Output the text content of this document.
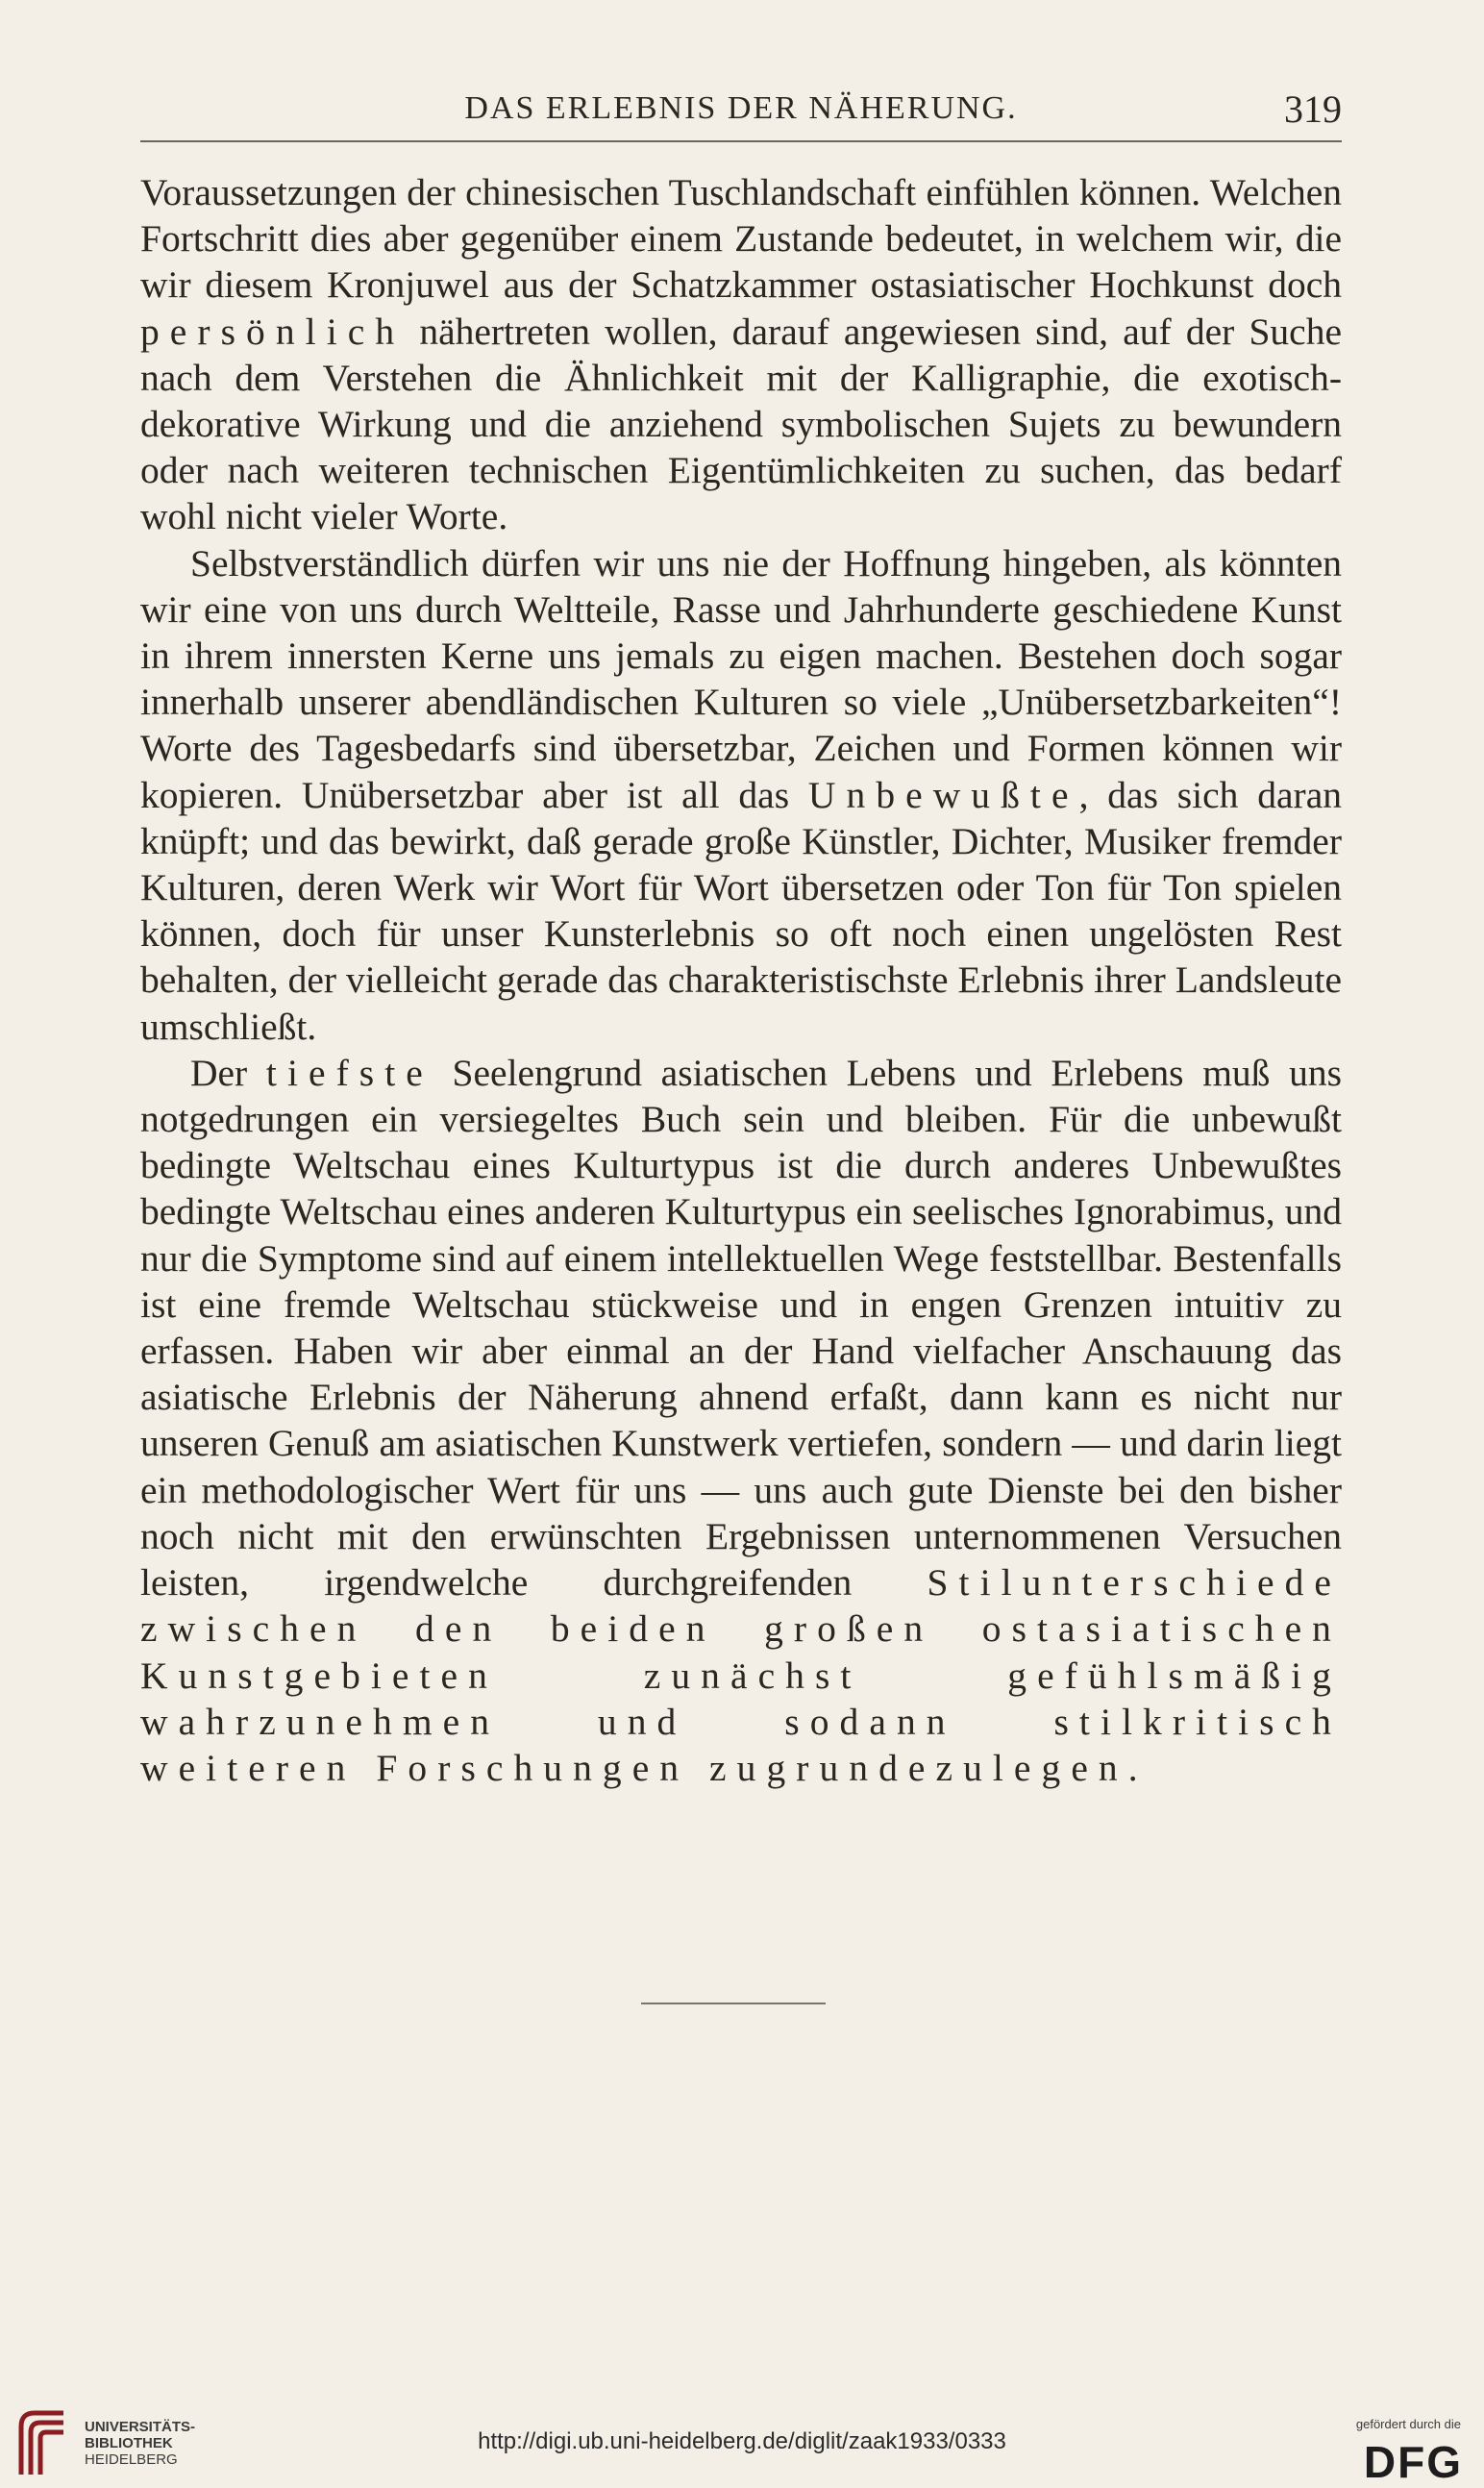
DAS ERLEBNIS DER NÄHERUNG.	319

Voraussetzungen der chinesischen Tuschlandschaft einfühlen können. Welchen Fortschritt dies aber gegenüber einem Zustande bedeutet, in welchem wir, die wir diesem Kronjuwel aus der Schatzkammer ostasiatischer Hochkunst doch persönlich nähertreten wollen, darauf angewiesen sind, auf der Suche nach dem Verstehen die Ähnlichkeit mit der Kalligraphie, die exotisch-dekorative Wirkung und die anziehend symbolischen Sujets zu bewundern oder nach weiteren technischen Eigentümlichkeiten zu suchen, das bedarf wohl nicht vieler Worte.

Selbstverständlich dürfen wir uns nie der Hoffnung hingeben, als könnten wir eine von uns durch Weltteile, Rasse und Jahrhunderte geschiedene Kunst in ihrem innersten Kerne uns jemals zu eigen machen. Bestehen doch sogar innerhalb unserer abendländischen Kulturen so viele „Unübersetzbarkeiten“! Worte des Tagesbedarfs sind übersetzbar, Zeichen und Formen können wir kopieren. Unübersetzbar aber ist all das Unbewußte, das sich daran knüpft; und das bewirkt, daß gerade große Künstler, Dichter, Musiker fremder Kulturen, deren Werk wir Wort für Wort übersetzen oder Ton für Ton spielen können, doch für unser Kunsterlebnis so oft noch einen ungelösten Rest behalten, der vielleicht gerade das charakteristischste Erlebnis ihrer Landsleute umschließt.

Der tiefste Seelengrund asiatischen Lebens und Erlebens muß uns notgedrungen ein versiegeltes Buch sein und bleiben. Für die unbewußt bedingte Weltschau eines Kulturtypus ist die durch anderes Unbewußtes bedingte Weltschau eines anderen Kulturtypus ein seelisches Ignorabimus, und nur die Symptome sind auf einem intellektuellen Wege feststellbar. Bestenfalls ist eine fremde Weltschau stückweise und in engen Grenzen intuitiv zu erfassen. Haben wir aber einmal an der Hand vielfacher Anschauung das asiatische Erlebnis der Näherung ahnend erfaßt, dann kann es nicht nur unseren Genuß am asiatischen Kunstwerk vertiefen, sondern — und darin liegt ein methodologischer Wert für uns — uns auch gute Dienste bei den bisher noch nicht mit den erwünschten Ergebnissen unternommenen Versuchen leisten, irgendwelche durchgreifenden Stilunterschiede zwischen den beiden großen ostasiatischen Kunstgebieten zunächst gefühlsmäßig wahrzunehmen und sodann stilkritisch weiteren Forschungen zugrundezulegen.

UNIVERSITÄTS-
BIBLIOTHEK
HEIDELBERG
http://digi.ub.uni-heidelberg.de/diglit/zaak1933/0333
gefördert durch die
DFG
